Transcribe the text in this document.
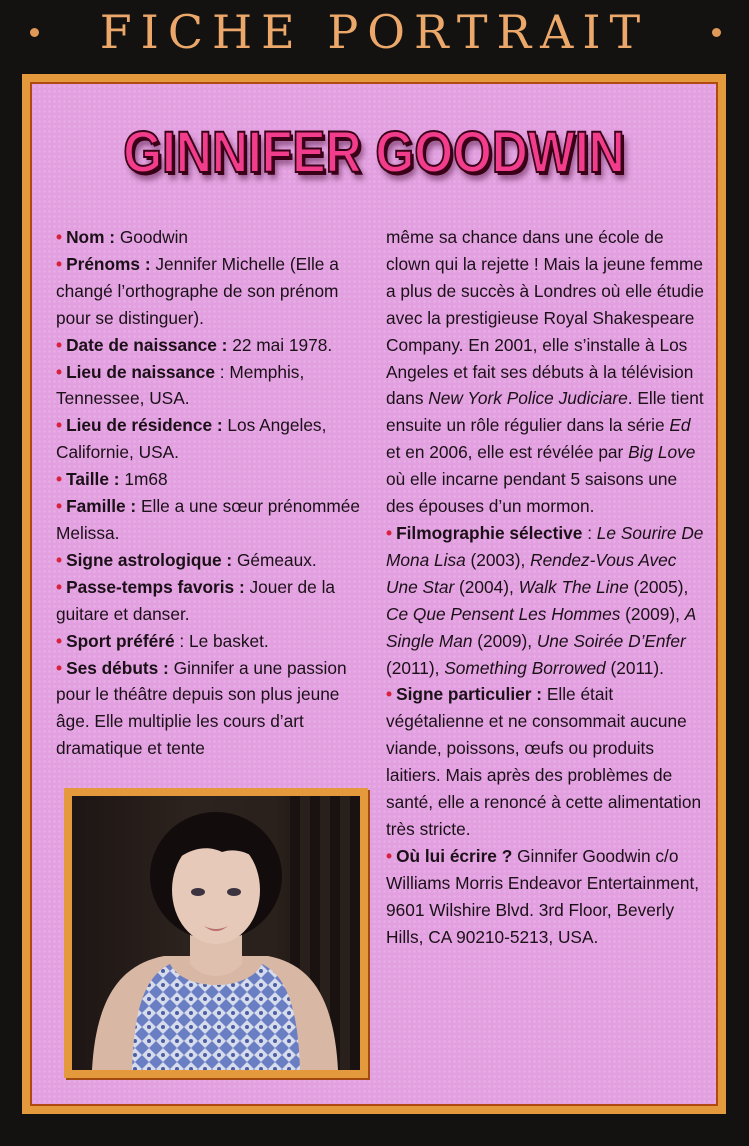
FICHE PORTRAIT
GINNIFER GOODWIN

• Nom : Goodwin

• Prénoms : Jennifer Michelle (Elle a changé l’orthographe de son prénom pour se distinguer).

• Date de naissance : 22 mai 1978.

• Lieu de naissance : Memphis, Tennessee, USA.

• Lieu de résidence : Los Angeles, Californie, USA.

• Taille : 1m68

• Famille : Elle a une sœur prénommée Melissa.

• Signe astrologique : Gémeaux.

• Passe-temps favoris : Jouer de la guitare et danser.

• Sport préféré : Le basket.

• Ses débuts : Ginnifer a une passion pour le théâtre depuis son plus jeune âge. Elle multiplie les cours d’art dramatique et tente

même sa chance dans une école de clown qui la rejette ! Mais la jeune femme a plus de succès à Londres où elle étudie avec la prestigieuse Royal Shakespeare Company. En 2001, elle s’installe à Los Angeles et fait ses débuts à la télévision dans New York Police Judiciare. Elle tient ensuite un rôle régulier dans la série Ed et en 2006, elle est révélée par Big Love où elle incarne pendant 5 saisons une des épouses d’un mormon.

• Filmographie sélective : Le Sourire De Mona Lisa (2003), Rendez-Vous Avec Une Star (2004), Walk The Line (2005), Ce Que Pensent Les Hommes (2009), A Single Man (2009), Une Soirée D’Enfer (2011), Something Borrowed (2011).

• Signe particulier : Elle était végétalienne et ne consommait aucune viande, poissons, œufs ou produits laitiers. Mais après des problèmes de santé, elle a renoncé à cette alimentation très stricte.

• Où lui écrire ? Ginnifer Goodwin c/o Williams Morris Endeavor Entertainment, 9601 Wilshire Blvd. 3rd Floor, Beverly Hills, CA 90210-5213, USA.
